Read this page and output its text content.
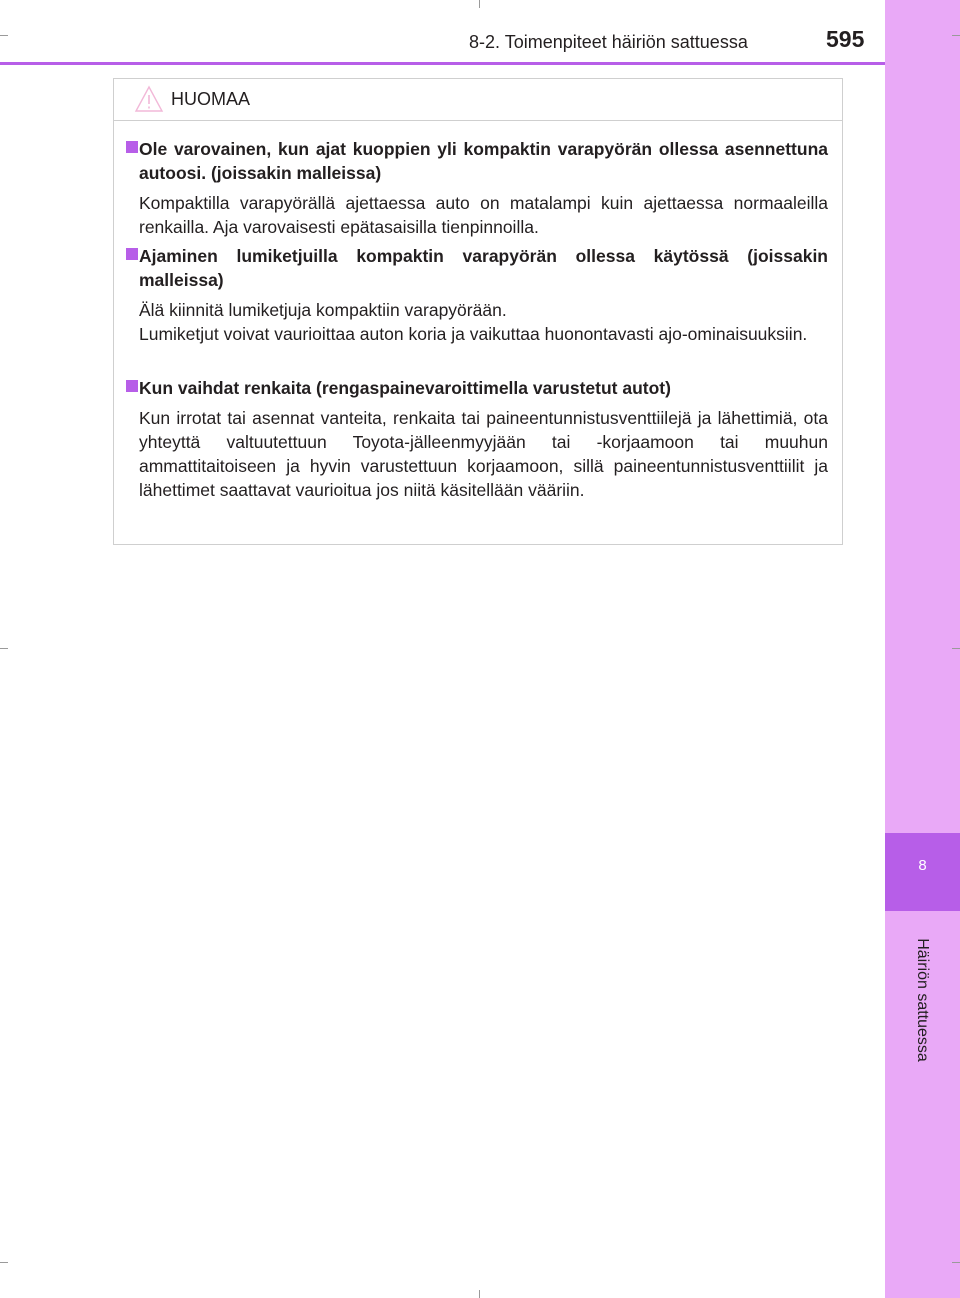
8
Häiriön sattuessa
8-2. Toimenpiteet häiriön sattuessa	595
HUOMAA
Ole varovainen, kun ajat kuoppien yli kompaktin varapyörän ollessa asennettuna autoosi. (joissakin malleissa)

Kompaktilla varapyörällä ajettaessa auto on matalampi kuin ajettaessa normaaleilla renkailla. Aja varovaisesti epätasaisilla tienpinnoilla.

Ajaminen lumiketjuilla kompaktin varapyörän ollessa käytössä (joissakin malleissa)

Älä kiinnitä lumiketjuja kompaktiin varapyörään.

Lumiketjut voivat vaurioittaa auton koria ja vaikuttaa huonontavasti ajo-ominaisuuksiin.

Kun vaihdat renkaita (rengaspainevaroittimella varustetut autot)

Kun irrotat tai asennat vanteita, renkaita tai paineentunnistusventtiilejä ja lähettimiä, ota yhteyttä valtuutettuun Toyota-jälleenmyyjään tai -korjaamoon tai muuhun ammattitaitoiseen ja hyvin varustettuun korjaamoon, sillä paineentunnistusventtiilit ja lähettimet saattavat vaurioitua jos niitä käsitellään vääriin.
